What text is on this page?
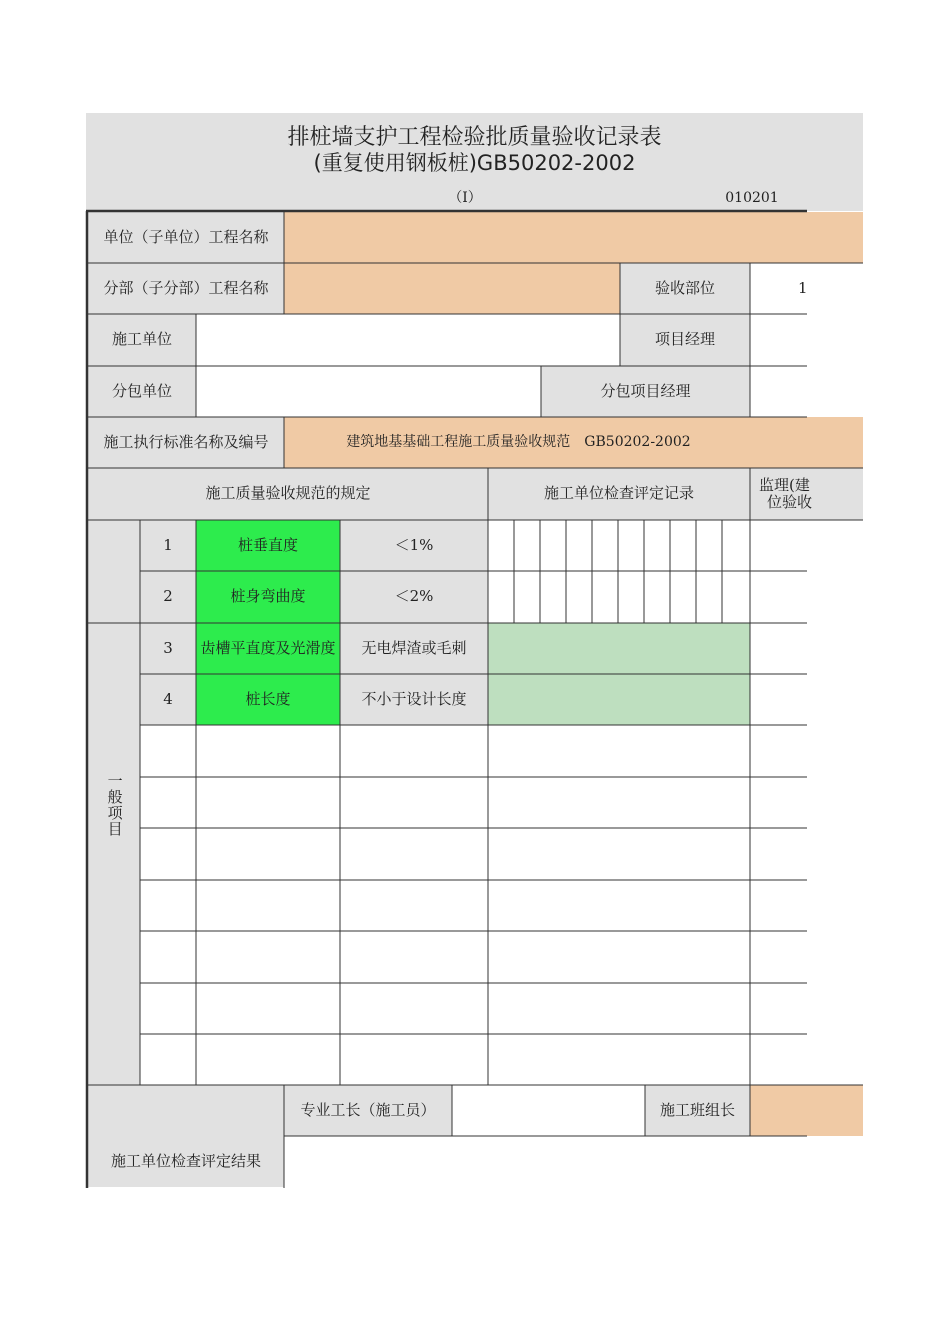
排桩墙支护工程检验批质量验收记录表
(重复使用钢板桩)GB50202-2002
（Ⅰ）	010201
单位（子单位）工程名称
分部（子分部）工程名称	验收部位	1
施工单位	项目经理
分包单位	分包项目经理
施工执行标准名称及编号	建筑地基基础工程施工质量验收规范　GB50202-2002
施工质量验收规范的规定	施工单位检查评定记录	监理(建
位验收
一般项目
1	桩垂直度	＜1%
2	桩身弯曲度	＜2%
3	齿槽平直度及光滑度	无电焊渣或毛刺
4	桩长度	不小于设计长度
专业工长（施工员）	施工班组长
施工单位检查评定结果
